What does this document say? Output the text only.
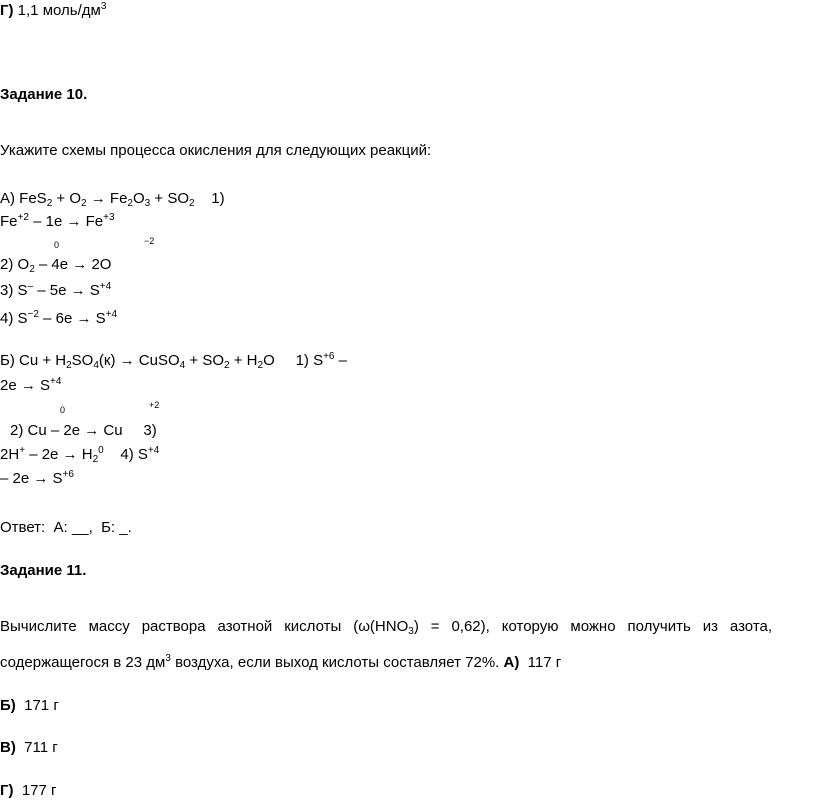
Г) 1,1 моль/$дм^3$
Задание 10.
Укажите схемы процесса окисления для следующих реакций:
А) $FeS_2 + O_2 \to Fe_2O_3 + SO_2$    1)
$Fe^{+2} - 1e \to Fe^{+3}$
0	−2
2) $O_2 - 4e \to 2O$
3) $S^- - 5e \to S^{+4}$
4) $S^{-2} - 6e \to S^{+4}$
Б) $Cu + H_2SO_4(к)$ → CuSO$_4$ + $SO_2 + H_2O$     1) $S^{+6}$ –
$2e \to S^{+4}$
0	+2
2) Cu – 2e → Cu     3)
$2H^+ - 2e \to H_2^0$    4) $S^{+4}$
– $2e \to S^{+6}$
Ответ:  А: __,  Б: _.
Задание 11.
Вычислите массу раствора азотной кислоты $(\omega(HNO_3) = 0,62)$, которую можно получить из азота,
содержащегося в 23 $дм^3$ воздуха, если выход кислоты составляет 72%. А) 117 г
Б) 171 г
В) 711 г
Г) 177 г
